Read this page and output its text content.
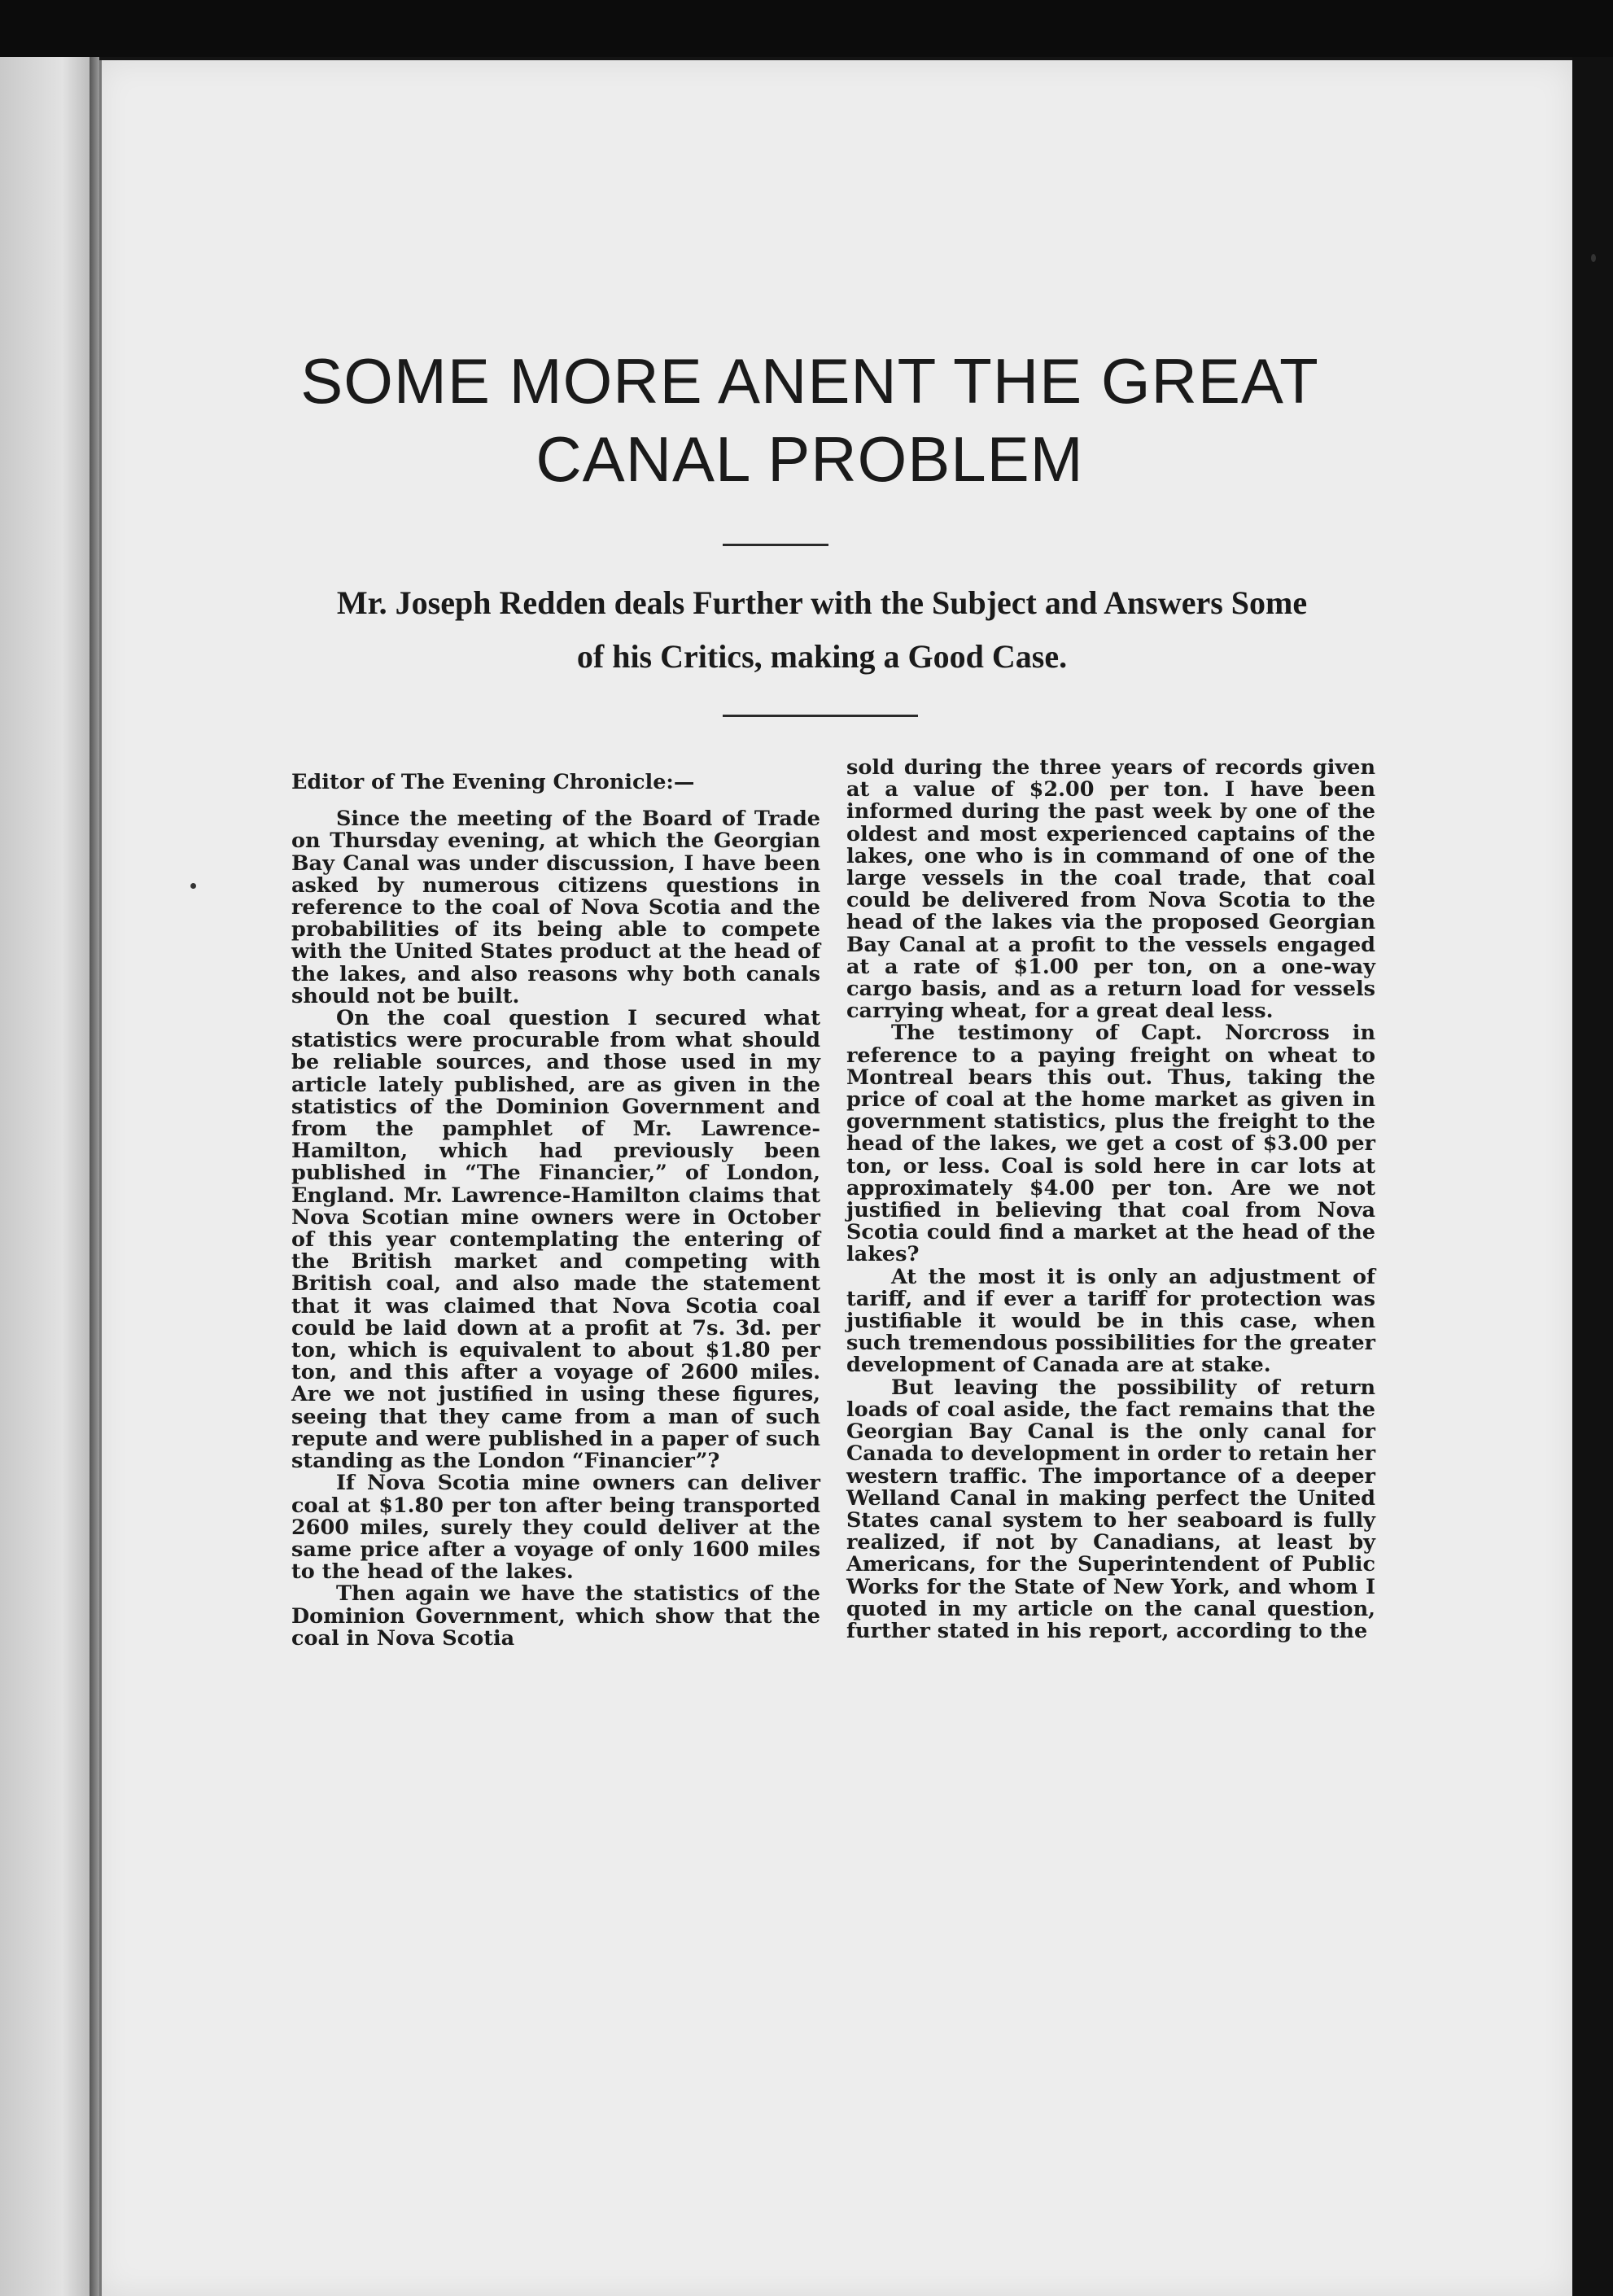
SOME MORE ANENT THE GREAT
CANAL PROBLEM
Mr. Joseph Redden deals Further with the Subject and Answers Some
of his Critics, making a Good Case.

Editor of The Evening Chronicle:—

Since the meeting of the Board of Trade on Thursday evening, at which the Georgian Bay Canal was under discussion, I have been asked by numerous citizens questions in reference to the coal of Nova Scotia and the probabilities of its being able to compete with the United States product at the head of the lakes, and also reasons why both canals should not be built.

On the coal question I secured what statistics were procurable from what should be reliable sources, and those used in my article lately published, are as given in the statistics of the Dominion Government and from the pamphlet of Mr. Lawrence-Hamilton, which had previously been published in “The Financier,” of London, England. Mr. Lawrence-Hamilton claims that Nova Scotian mine owners were in October of this year contemplating the entering of the British market and competing with British coal, and also made the statement that it was claimed that Nova Scotia coal could be laid down at a profit at 7s. 3d. per ton, which is equivalent to about $1.80 per ton, and this after a voyage of 2600 miles. Are we not justified in using these figures, seeing that they came from a man of such repute and were published in a paper of such standing as the London “Financier”?

If Nova Scotia mine owners can deliver coal at $1.80 per ton after being transported 2600 miles, surely they could deliver at the same price after a voyage of only 1600 miles to the head of the lakes.

Then again we have the statistics of the Dominion Government, which show that the coal in Nova Scotia

sold during the three years of records given at a value of $2.00 per ton. I have been informed during the past week by one of the oldest and most experienced captains of the lakes, one who is in command of one of the large vessels in the coal trade, that coal could be delivered from Nova Scotia to the head of the lakes via the proposed Georgian Bay Canal at a profit to the vessels engaged at a rate of $1.00 per ton, on a one-way cargo basis, and as a return load for vessels carrying wheat, for a great deal less.

The testimony of Capt. Norcross in reference to a paying freight on wheat to Montreal bears this out. Thus, taking the price of coal at the home market as given in government statistics, plus the freight to the head of the lakes, we get a cost of $3.00 per ton, or less. Coal is sold here in car lots at approximately $4.00 per ton. Are we not justified in believing that coal from Nova Scotia could find a market at the head of the lakes?

At the most it is only an adjustment of tariff, and if ever a tariff for protection was justifiable it would be in this case, when such tremendous possibilities for the greater development of Canada are at stake.

But leaving the possibility of return loads of coal aside, the fact remains that the Georgian Bay Canal is the only canal for Canada to development in order to retain her western traffic. The importance of a deeper Welland Canal in making perfect the United States canal system to her seaboard is fully realized, if not by Canadians, at least by Americans, for the Superintendent of Public Works for the State of New York, and whom I quoted in my article on the canal question, further stated in his report, according to the
